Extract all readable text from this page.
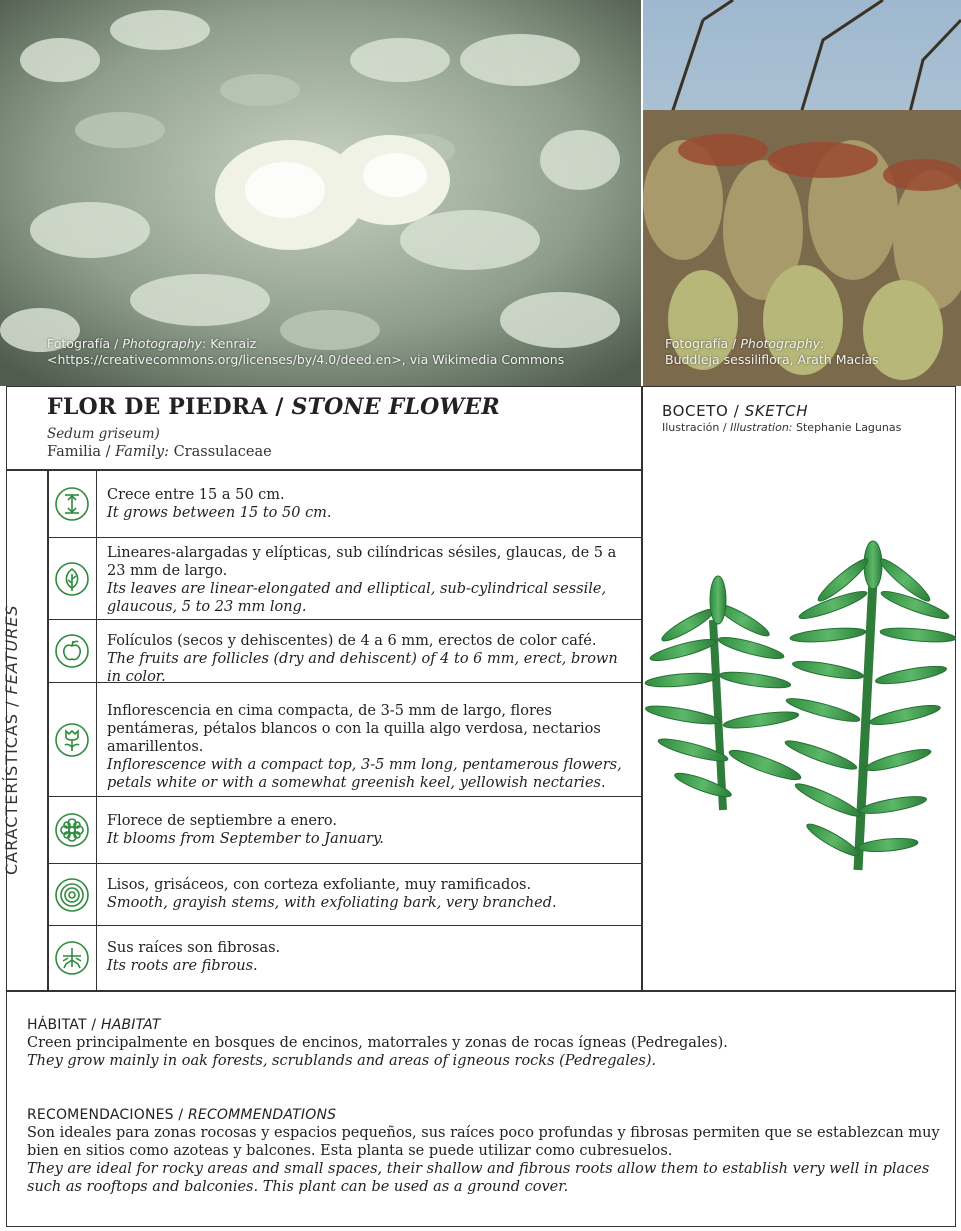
Fotografía / Photography: Kenraiz
<https://creativecommons.org/licenses/by/4.0/deed.en>, via Wikimedia Commons
Fotografía / Photography:
Buddleja sessiliflora, Arath Macías
FLOR DE PIEDRA / STONE FLOWER
Sedum griseum)
Familia / Family: Crassulaceae
BOCETO / SKETCH
Ilustración / Illustration: Stephanie Lagunas
CARACTERÍSTICAS / FEATURES
Crece entre 15 a 50 cm.
It grows between 15 to 50 cm.
Lineares-alargadas y elípticas, sub cilíndricas sésiles, glaucas, de 5 a 23 mm de largo.
Its leaves are linear-elongated and elliptical, sub-cylindrical sessile, glaucous, 5 to 23 mm long.
Folículos (secos y dehiscentes) de 4 a 6 mm, erectos de color café.
The fruits are follicles (dry and dehiscent) of 4 to 6 mm, erect, brown in color.
Inflorescencia en cima compacta, de 3-5 mm de largo, flores pentámeras, pétalos blancos o con la quilla algo verdosa, nectarios amarillentos.
Inflorescence with a compact top, 3-5 mm long, pentamerous flowers, petals white or with a somewhat greenish keel, yellowish nectaries.
Florece de septiembre a enero.
It blooms from September to January.
Lisos, grisáceos, con corteza exfoliante, muy ramificados.
Smooth, grayish stems, with exfoliating bark, very branched.
Sus raíces son fibrosas.
Its roots are fibrous.
HÁBITAT / HABITAT
Creen principalmente en bosques de encinos, matorrales y zonas de rocas ígneas (Pedregales).
They grow mainly in oak forests, scrublands and areas of igneous rocks (Pedregales).
RECOMENDACIONES / RECOMMENDATIONS
Son ideales para zonas rocosas y espacios pequeños, sus raíces poco profundas y fibrosas permiten que se establezcan muy bien en sitios como azoteas y balcones. Esta planta se puede utilizar como cubresuelos.
They are ideal for rocky areas and small spaces, their shallow and fibrous roots allow them to establish very well in places such as rooftops and balconies. This plant can be used as a ground cover.
